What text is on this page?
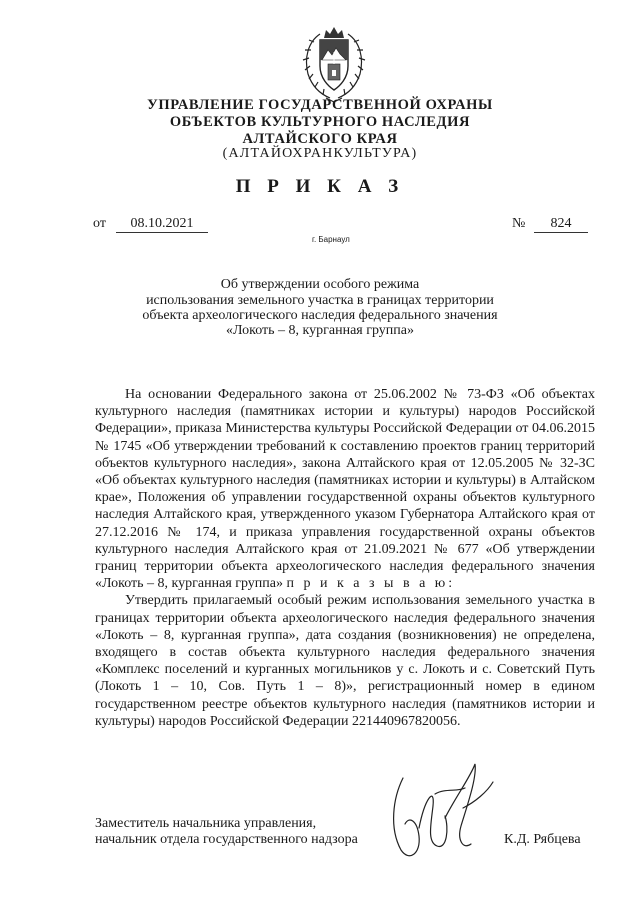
УПРАВЛЕНИЕ ГОСУДАРСТВЕННОЙ ОХРАНЫ
ОБЪЕКТОВ КУЛЬТУРНОГО НАСЛЕДИЯ
АЛТАЙСКОГО КРАЯ
(АЛТАЙОХРАНКУЛЬТУРА)
П Р И К А З
от	08.10.2021	№	824
г. Барнаул
Об утверждении особого режима
использования земельного участка в границах территории
объекта археологического наследия федерального значения
«Локоть – 8, курганная группа»

На основании Федерального закона от 25.06.2002 № 73-ФЗ «Об объектах культурного наследия (памятниках истории и культуры) народов Российской Федерации», приказа Министерства культуры Российской Федерации от 04.06.2015 № 1745 «Об утверждении требований к составлению проектов границ территорий объектов культурного наследия», закона Алтайского края от 12.05.2005 № 32-ЗС «Об объектах культурного наследия (памятниках истории и культуры) в Алтайском крае», Положения об управлении государственной охраны объектов культурного наследия Алтайского края, утвержденного указом Губернатора Алтайского края от 27.12.2016 № 174, и приказа управления государственной охраны объектов культурного наследия Алтайского края от 21.09.2021 № 677 «Об утверждении границ территории объекта археологического наследия федерального значения «Локоть – 8, курганная группа» п р и к а з ы в а ю:

Утвердить прилагаемый особый режим использования земельного участка в границах территории объекта археологического наследия федерального значения «Локоть – 8, курганная группа», дата создания (возникновения) не определена, входящего в состав объекта культурного наследия федерального значения «Комплекс поселений и курганных могильников у с. Локоть и с. Советский Путь (Локоть 1 – 10, Сов. Путь 1 – 8)», регистрационный номер в едином государственном реестре объектов культурного наследия (памятников истории и культуры) народов Российской Федерации 221440967820056.

Заместитель начальника управления,
начальник отдела государственного надзора	К.Д. Рябцева
